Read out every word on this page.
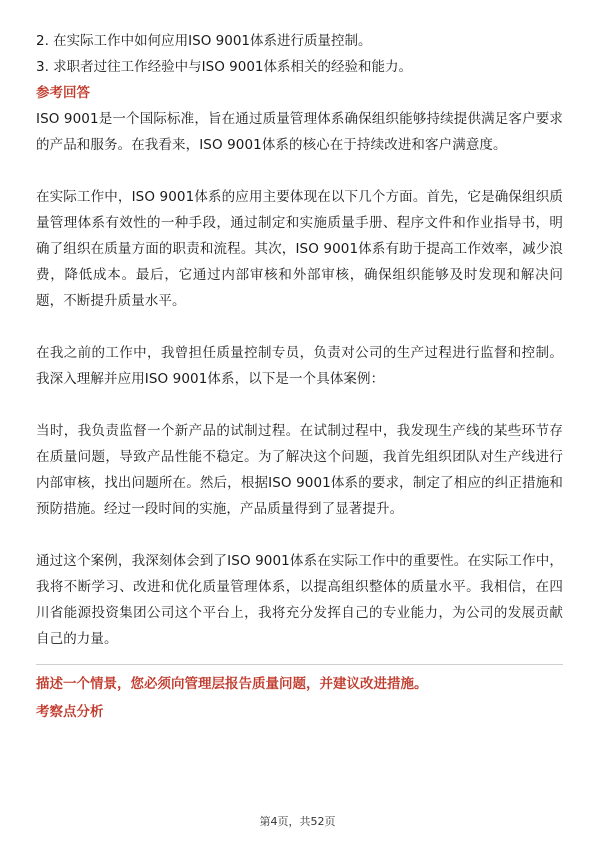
2. 在实际工作中如何应用ISO 9001体系进行质量控制。

3. 求职者过往工作经验中与ISO 9001体系相关的经验和能力。

参考回答

ISO 9001是一个国际标准，旨在通过质量管理体系确保组织能够持续提供满足客户要求的产品和服务。在我看来，ISO 9001体系的核心在于持续改进和客户满意度。

在实际工作中，ISO 9001体系的应用主要体现在以下几个方面。首先，它是确保组织质量管理体系有效性的一种手段，通过制定和实施质量手册、程序文件和作业指导书，明确了组织在质量方面的职责和流程。其次，ISO 9001体系有助于提高工作效率，减少浪费，降低成本。最后，它通过内部审核和外部审核，确保组织能够及时发现和解决问题，不断提升质量水平。

在我之前的工作中，我曾担任质量控制专员，负责对公司的生产过程进行监督和控制。我深入理解并应用ISO 9001体系，以下是一个具体案例：

当时，我负责监督一个新产品的试制过程。在试制过程中，我发现生产线的某些环节存在质量问题，导致产品性能不稳定。为了解决这个问题，我首先组织团队对生产线进行内部审核，找出问题所在。然后，根据ISO 9001体系的要求，制定了相应的纠正措施和预防措施。经过一段时间的实施，产品质量得到了显著提升。

通过这个案例，我深刻体会到了ISO 9001体系在实际工作中的重要性。在实际工作中，我将不断学习、改进和优化质量管理体系，以提高组织整体的质量水平。我相信，在四川省能源投资集团公司这个平台上，我将充分发挥自己的专业能力，为公司的发展贡献自己的力量。

描述一个情景，您必须向管理层报告质量问题，并建议改进措施。

考察点分析

第4页，共52页
